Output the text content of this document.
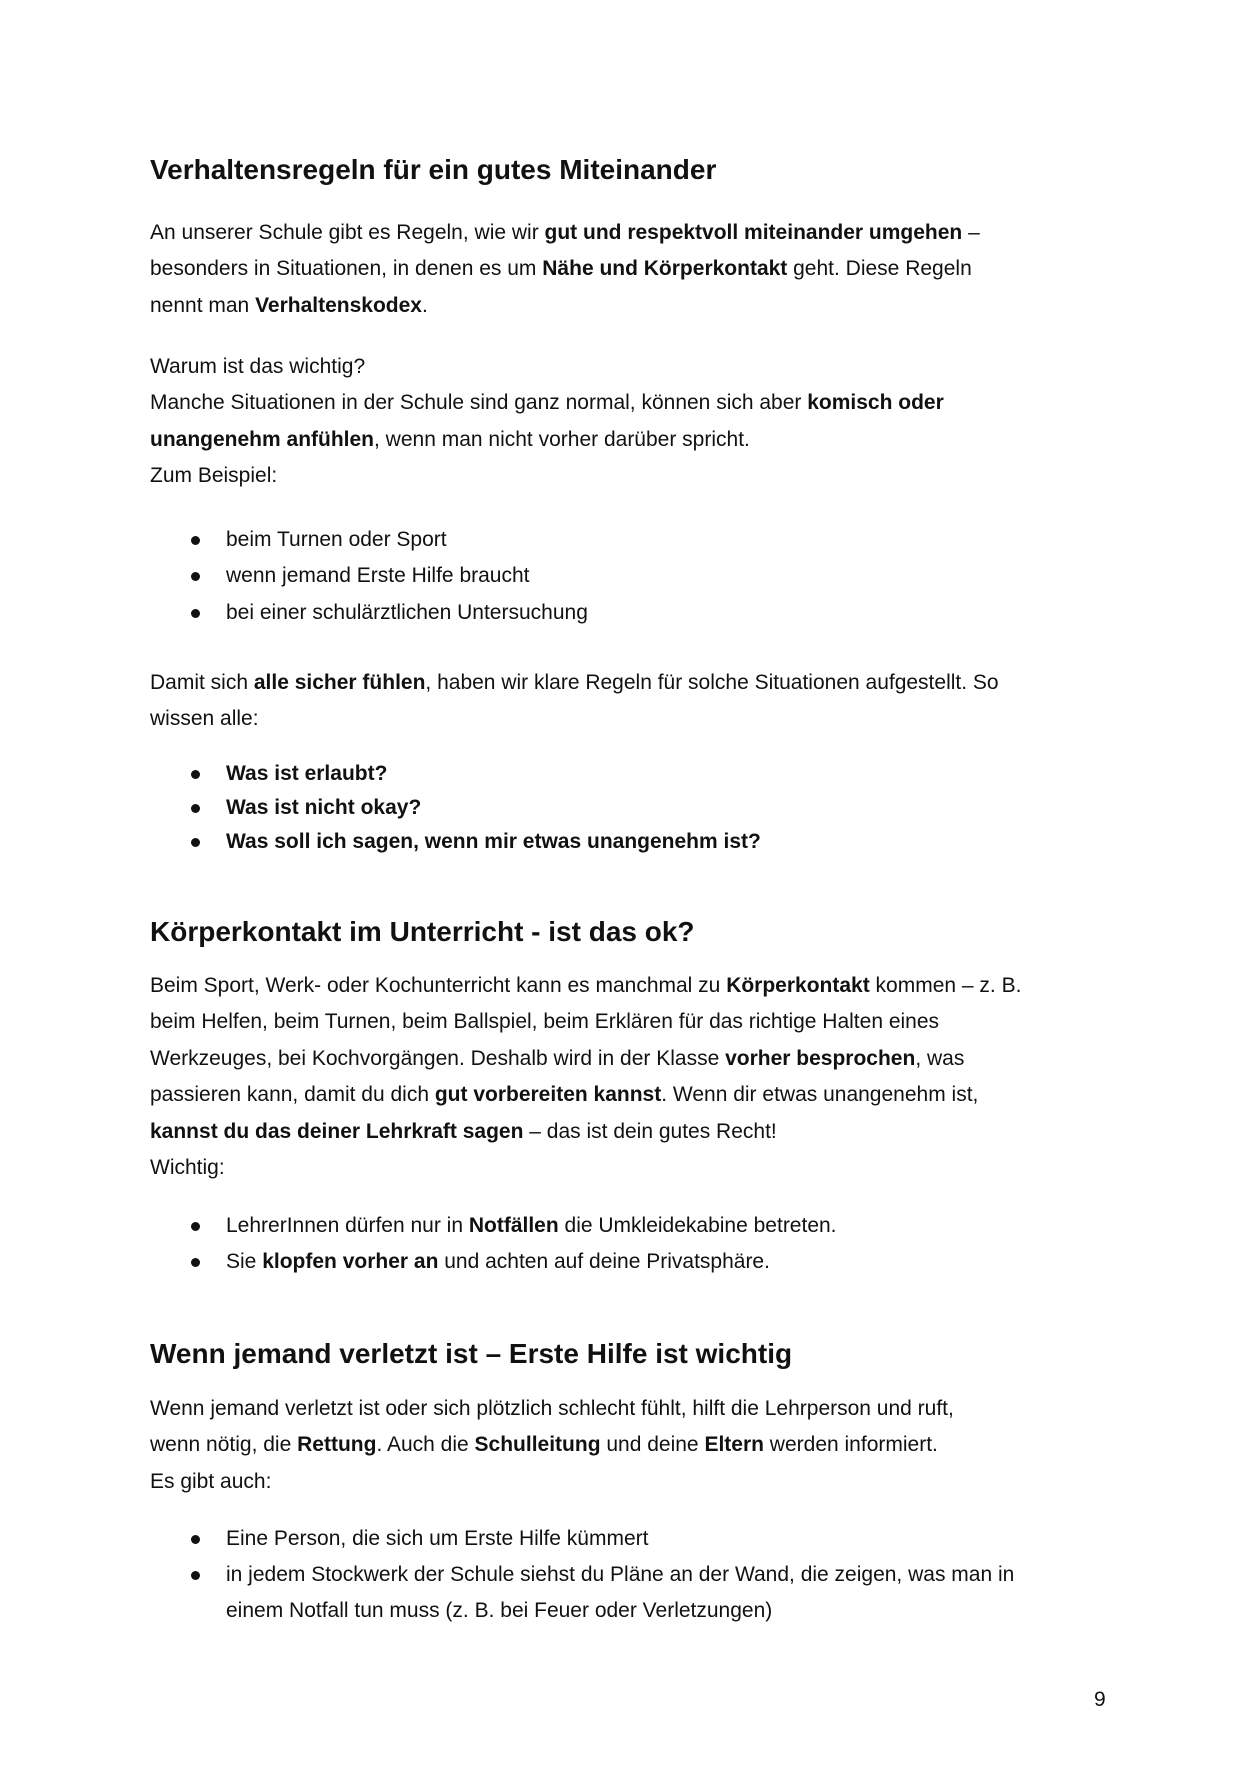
Verhaltensregeln für ein gutes Miteinander
An unserer Schule gibt es Regeln, wie wir gut und respektvoll miteinander umgehen –
besonders in Situationen, in denen es um Nähe und Körperkontakt geht. Diese Regeln
nennt man Verhaltenskodex.
Warum ist das wichtig?
Manche Situationen in der Schule sind ganz normal, können sich aber komisch oder
unangenehm anfühlen, wenn man nicht vorher darüber spricht.
Zum Beispiel:
beim Turnen oder Sport
wenn jemand Erste Hilfe braucht
bei einer schulärztlichen Untersuchung
Damit sich alle sicher fühlen, haben wir klare Regeln für solche Situationen aufgestellt. So
wissen alle:
Was ist erlaubt?
Was ist nicht okay?
Was soll ich sagen, wenn mir etwas unangenehm ist?
Körperkontakt im Unterricht - ist das ok?
Beim Sport, Werk- oder Kochunterricht kann es manchmal zu Körperkontakt kommen – z. B.
beim Helfen, beim Turnen, beim Ballspiel, beim Erklären für das richtige Halten eines
Werkzeuges, bei Kochvorgängen. Deshalb wird in der Klasse vorher besprochen, was
passieren kann, damit du dich gut vorbereiten kannst. Wenn dir etwas unangenehm ist,
kannst du das deiner Lehrkraft sagen – das ist dein gutes Recht!
Wichtig:
LehrerInnen dürfen nur in Notfällen die Umkleidekabine betreten.
Sie klopfen vorher an und achten auf deine Privatsphäre.
Wenn jemand verletzt ist – Erste Hilfe ist wichtig
Wenn jemand verletzt ist oder sich plötzlich schlecht fühlt, hilft die Lehrperson und ruft,
wenn nötig, die Rettung. Auch die Schulleitung und deine Eltern werden informiert.
Es gibt auch:
Eine Person, die sich um Erste Hilfe kümmert
in jedem Stockwerk der Schule siehst du Pläne an der Wand, die zeigen, was man in
einem Notfall tun muss (z. B. bei Feuer oder Verletzungen)
9
